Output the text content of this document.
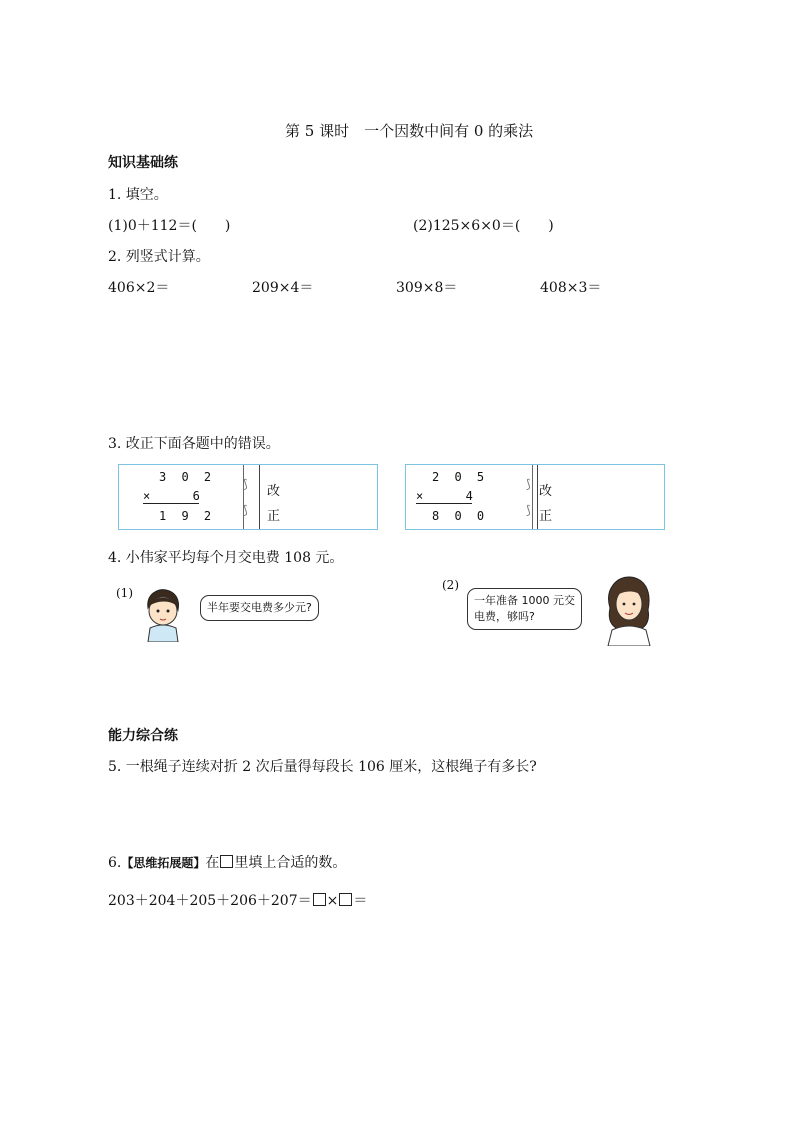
第 5 课时　一个因数中间有 0 的乘法
知识基础练
1. 填空。
(1)0＋112＝(　　)	(2)125×6×0＝(　　)
2. 列竖式计算。
406×2＝	209×4＝	309×8＝	408×3＝
3. 改正下面各题中的错误。
3 0 2
× 　 6
1 9 2
⟆
⟆
改
正
2 0 5
× 　 4
8 0 0
⟆
⟆
改
正
4. 小伟家平均每个月交电费 108 元。
(1)
半年要交电费多少元?
(2)
一年准备 1000 元交
电费，够吗?
能力综合练
5. 一根绳子连续对折 2 次后量得每段长 106 厘米，这根绳子有多长?
6.【思维拓展题】在 里填上合适的数。
203＋204＋205＋206＋207＝ × ＝
